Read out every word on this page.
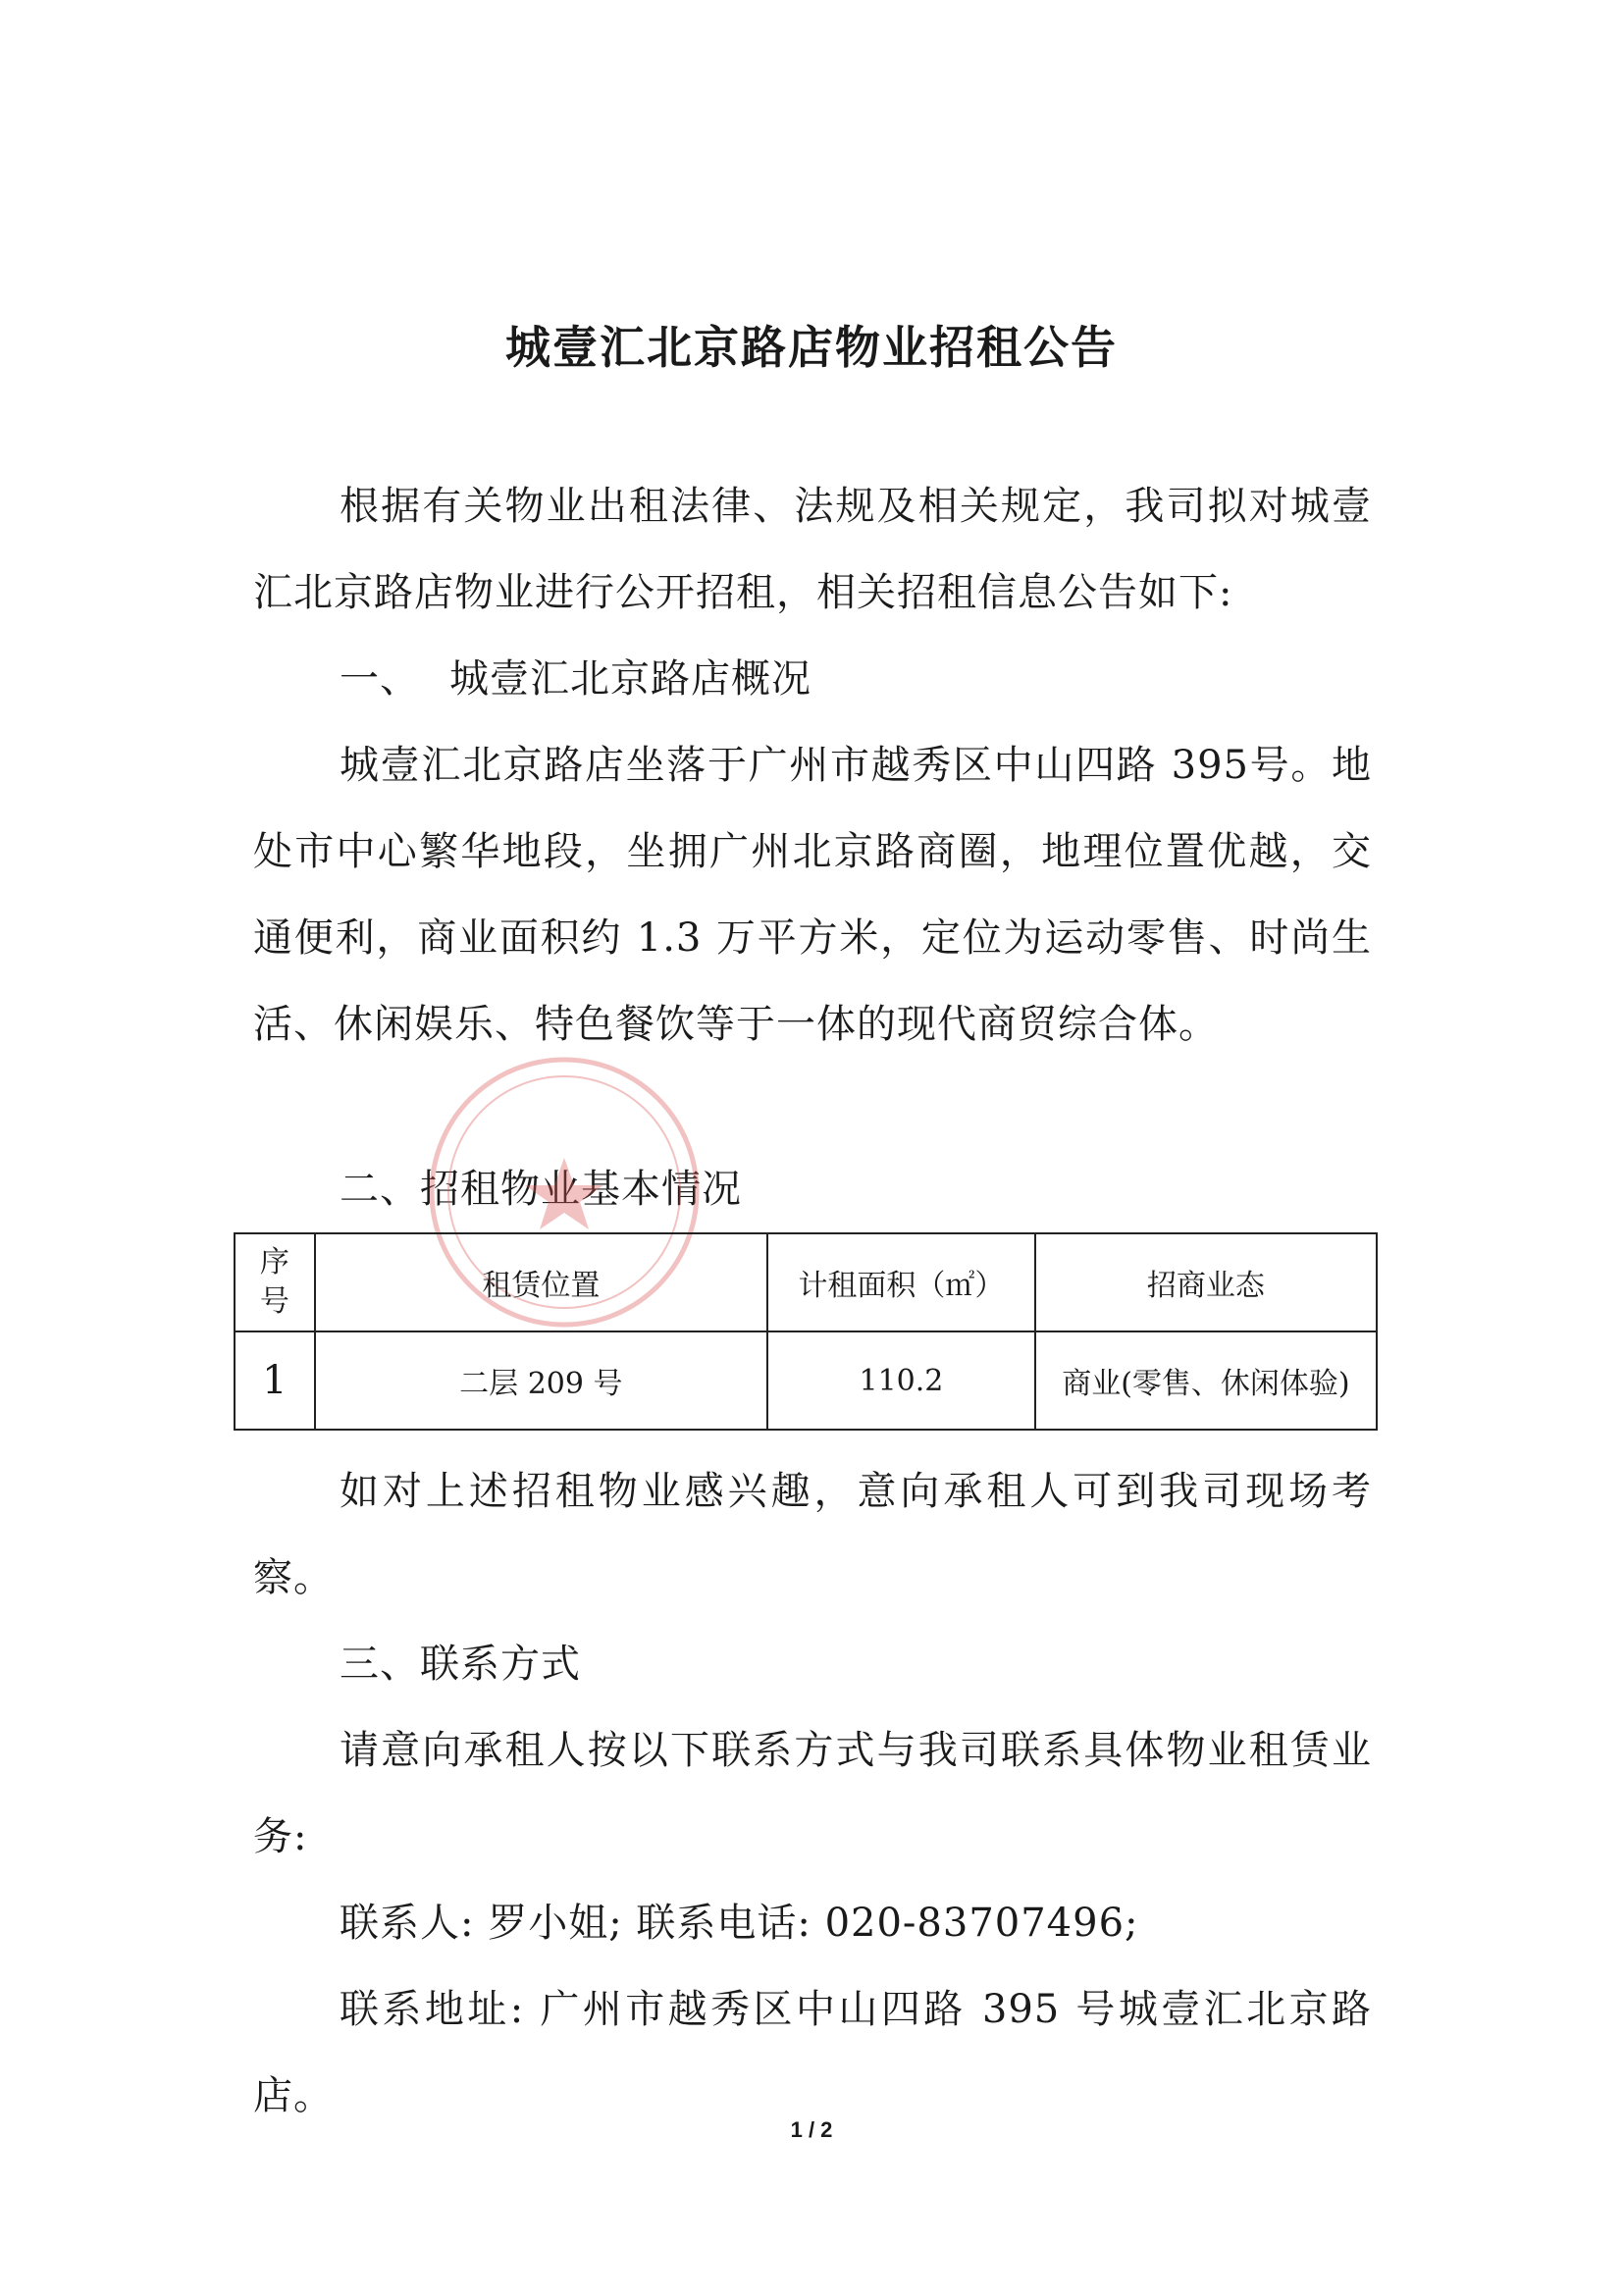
城壹汇北京路店物业招租公告
根据有关物业出租法律、法规及相关规定，我司拟对城壹汇北京路店物业进行公开招租，相关招租信息公告如下:
一、 城壹汇北京路店概况
城壹汇北京路店坐落于广州市越秀区中山四路 395号。地处市中心繁华地段，坐拥广州北京路商圈，地理位置优越，交通便利，商业面积约 1.3 万平方米，定位为运动零售、时尚生活、休闲娱乐、特色餐饮等于一体的现代商贸综合体。
二、招租物业基本情况
序
号	租赁位置	计租面积（㎡）	招商业态
1	二层 209 号	110.2	商业(零售、休闲体验)
如对上述招租物业感兴趣，意向承租人可到我司现场考察。
三、联系方式
请意向承租人按以下联系方式与我司联系具体物业租赁业务:
联系人: 罗小姐; 联系电话: 020-83707496;
联系地址: 广州市越秀区中山四路 395 号城壹汇北京路店。
1 / 2
